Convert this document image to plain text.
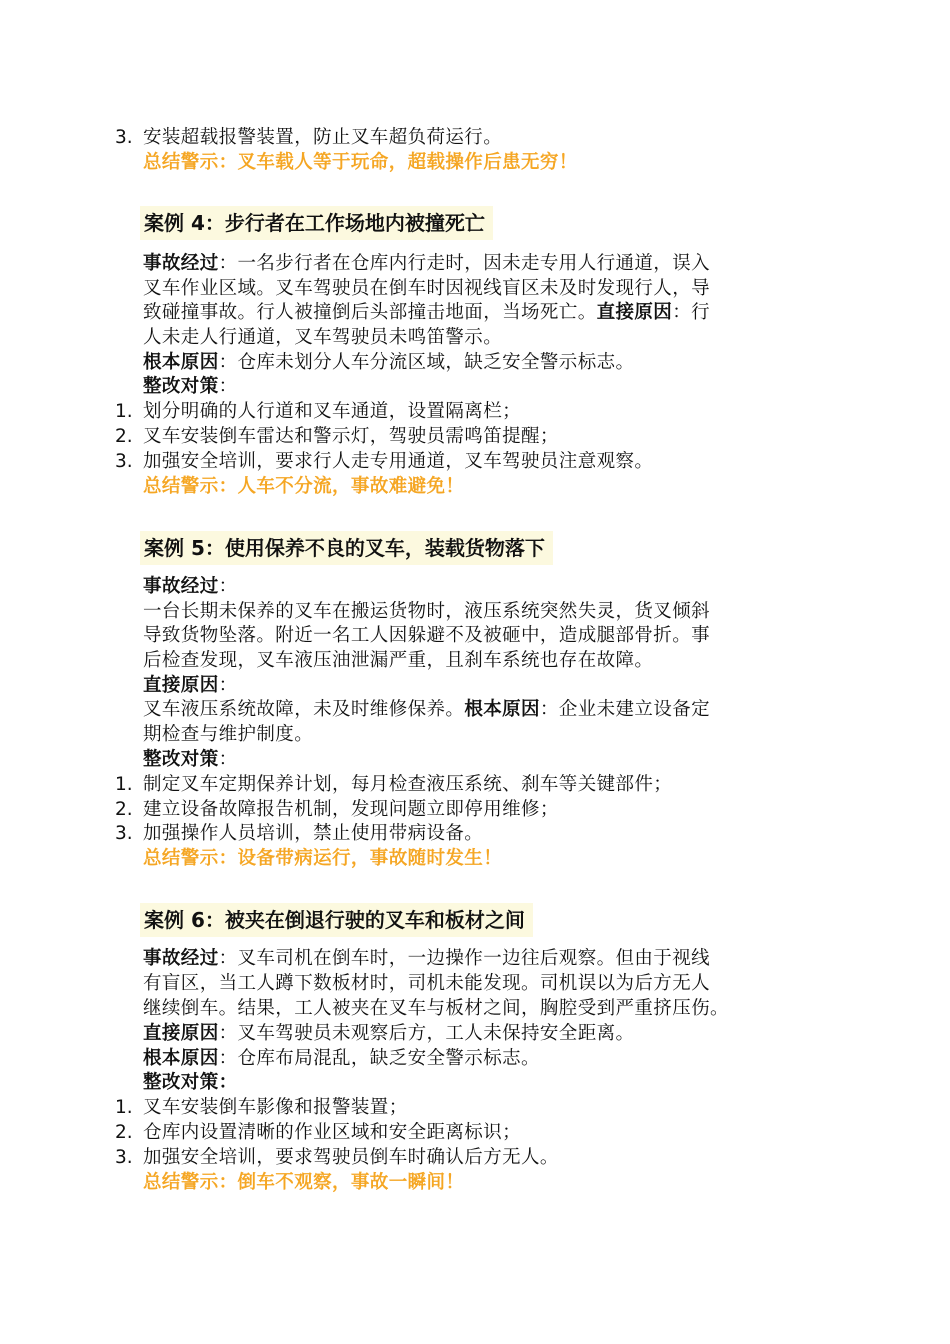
3. 安装超载报警装置，防止叉车超负荷运行。
总结警示：叉车载人等于玩命，超载操作后患无穷！
案例 4：步行者在工作场地内被撞死亡
事故经过：一名步行者在仓库内行走时，因未走专用人行通道，误入
叉车作业区域。叉车驾驶员在倒车时因视线盲区未及时发现行人，导
致碰撞事故。行人被撞倒后头部撞击地面，当场死亡。直接原因：行
人未走人行通道，叉车驾驶员未鸣笛警示。
根本原因：仓库未划分人车分流区域，缺乏安全警示标志。
整改对策：
1. 划分明确的人行道和叉车通道，设置隔离栏；
2. 叉车安装倒车雷达和警示灯，驾驶员需鸣笛提醒；
3. 加强安全培训，要求行人走专用通道，叉车驾驶员注意观察。
总结警示：人车不分流，事故难避免！
案例 5：使用保养不良的叉车，装载货物落下
事故经过：
一台长期未保养的叉车在搬运货物时，液压系统突然失灵，货叉倾斜
导致货物坠落。附近一名工人因躲避不及被砸中，造成腿部骨折。事
后检查发现，叉车液压油泄漏严重，且刹车系统也存在故障。
直接原因：
叉车液压系统故障，未及时维修保养。根本原因：企业未建立设备定
期检查与维护制度。
整改对策：
1. 制定叉车定期保养计划，每月检查液压系统、刹车等关键部件；
2. 建立设备故障报告机制，发现问题立即停用维修；
3. 加强操作人员培训，禁止使用带病设备。
总结警示：设备带病运行，事故随时发生！
案例 6：被夹在倒退行驶的叉车和板材之间
事故经过：叉车司机在倒车时，一边操作一边往后观察。但由于视线
有盲区，当工人蹲下数板材时，司机未能发现。司机误以为后方无人
继续倒车。结果，工人被夹在叉车与板材之间，胸腔受到严重挤压伤。
直接原因：叉车驾驶员未观察后方，工人未保持安全距离。
根本原因：仓库布局混乱，缺乏安全警示标志。
整改对策：
1. 叉车安装倒车影像和报警装置；
2. 仓库内设置清晰的作业区域和安全距离标识；
3. 加强安全培训，要求驾驶员倒车时确认后方无人。
总结警示：倒车不观察，事故一瞬间！
